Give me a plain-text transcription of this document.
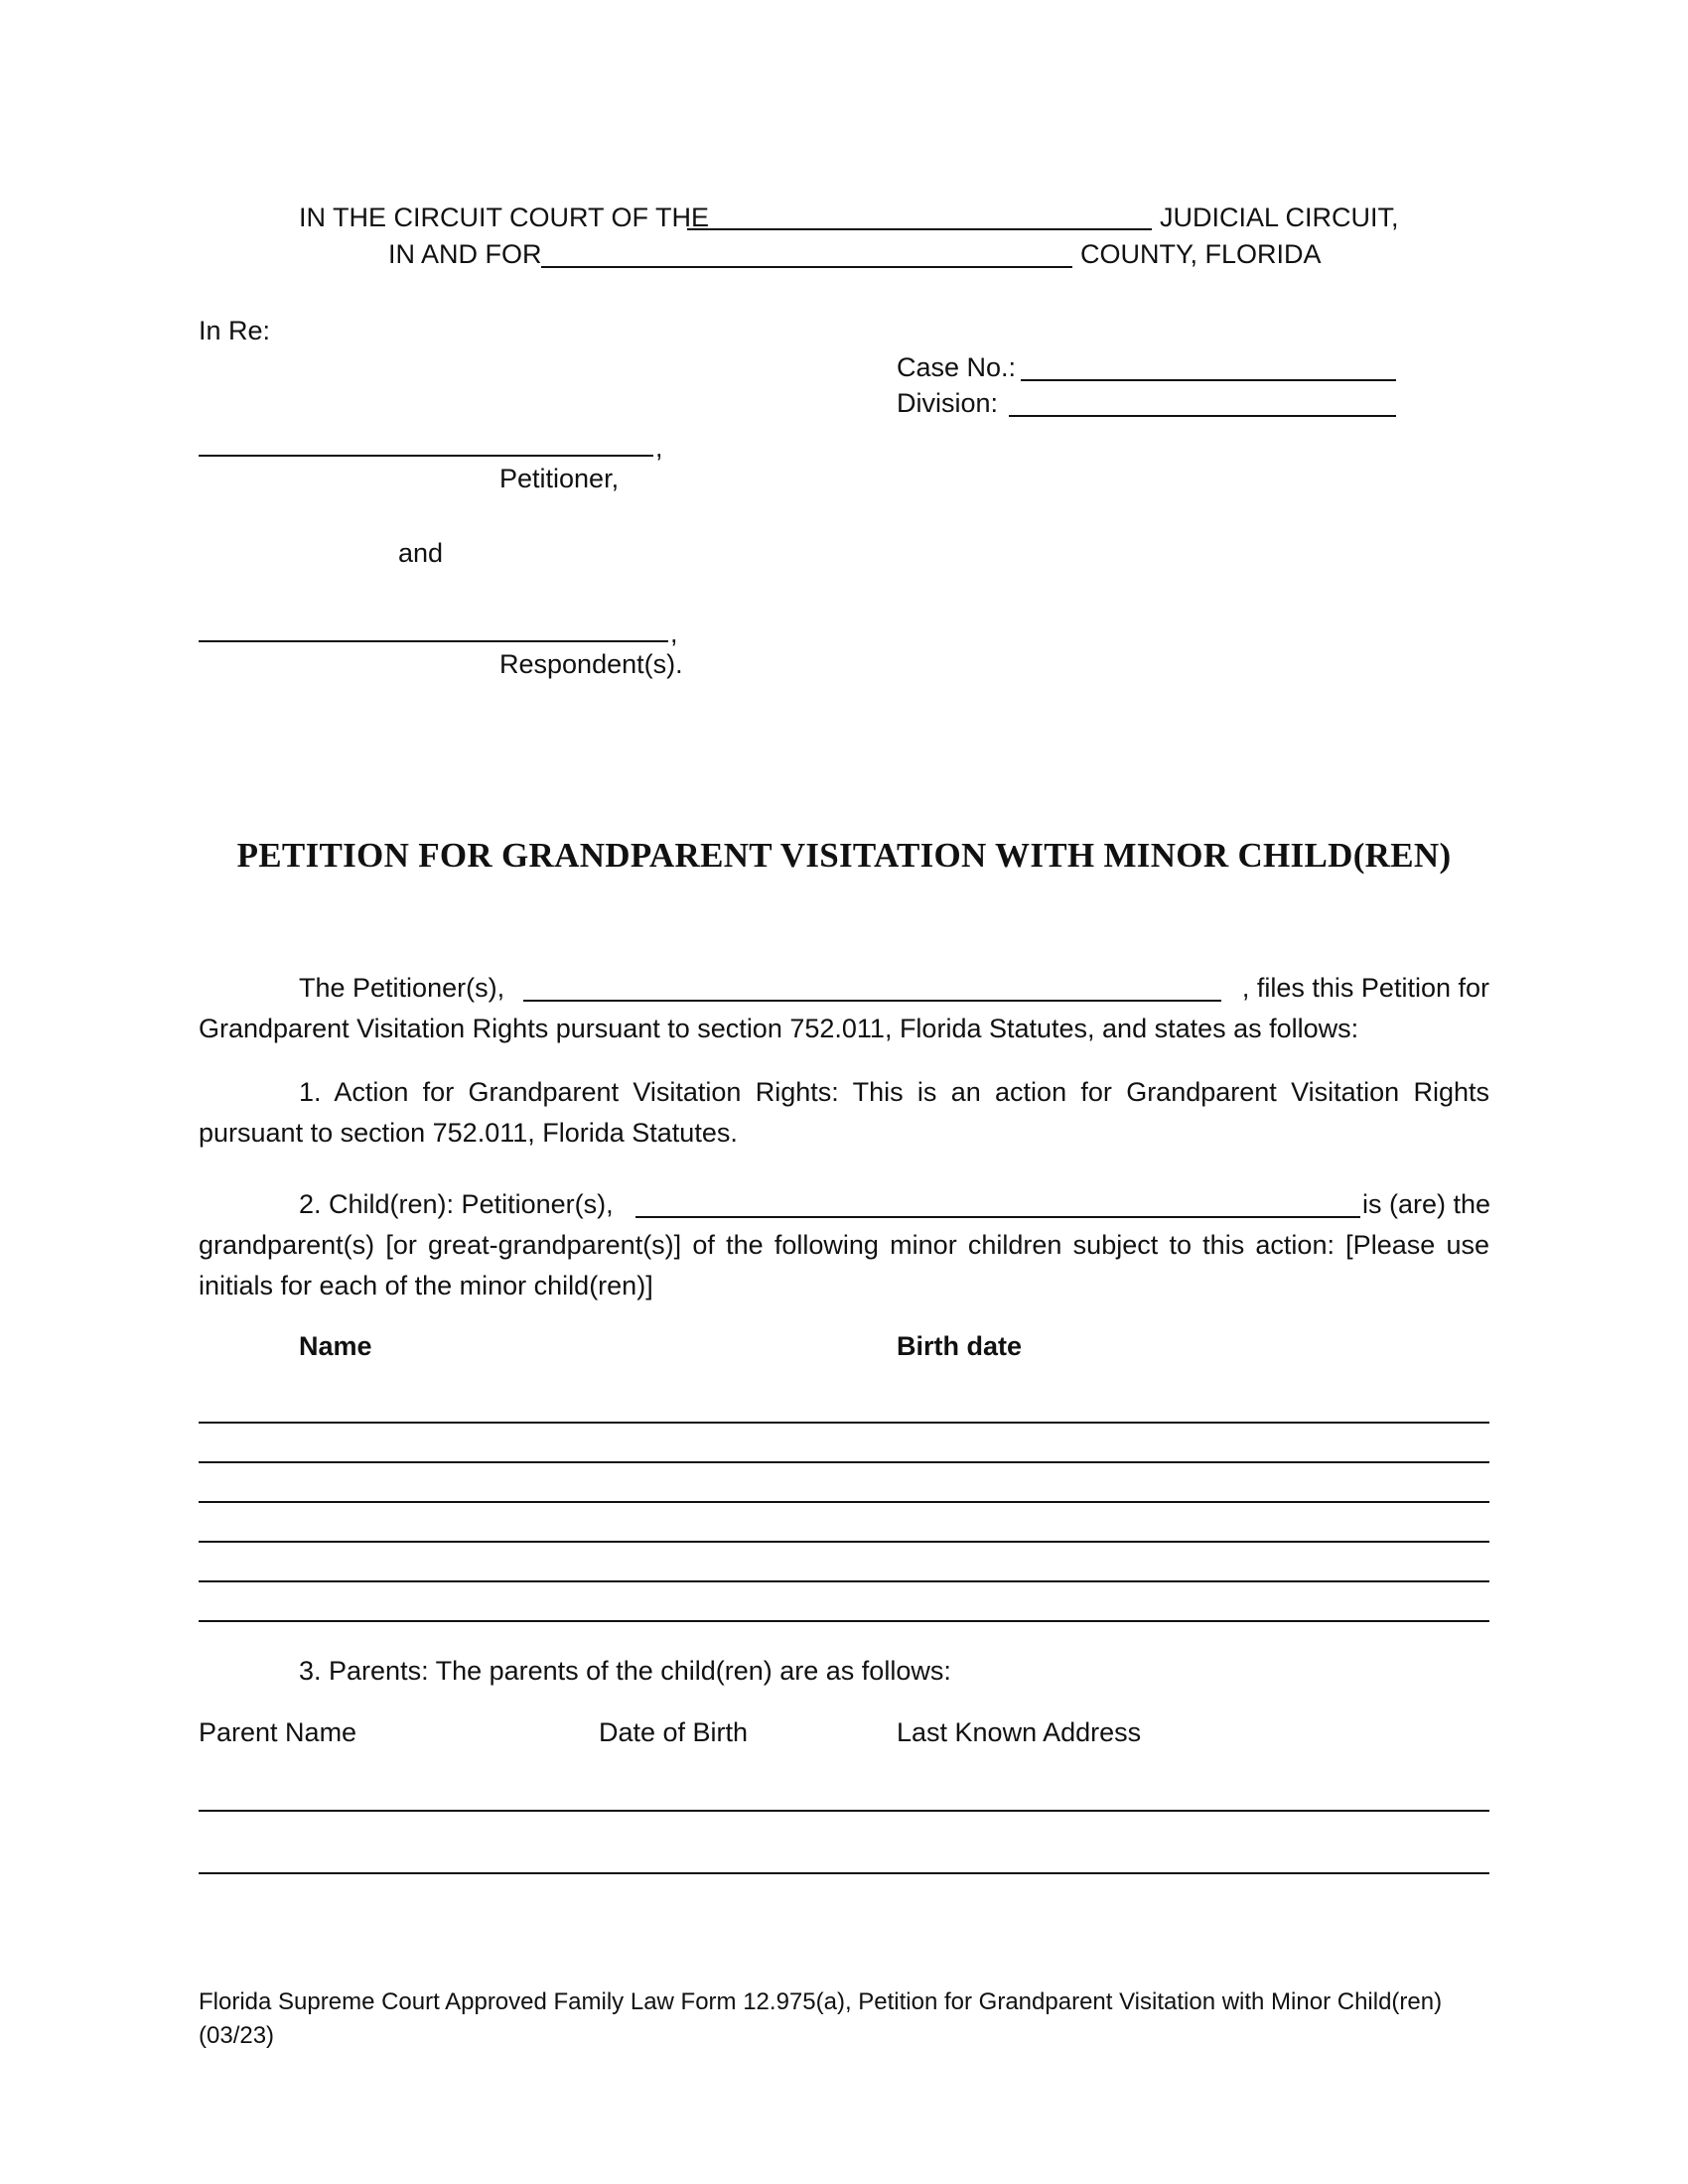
IN THE CIRCUIT COURT OF THE	JUDICIAL CIRCUIT,
IN AND FOR	COUNTY, FLORIDA
In Re:
Case No.:
Division:
,
Petitioner,
and
,
Respondent(s).
PETITION FOR GRANDPARENT VISITATION WITH MINOR CHILD(REN)
The Petitioner(s),	, files this Petition for
Grandparent Visitation Rights pursuant to section 752.011, Florida Statutes, and states as follows:
1. Action for Grandparent Visitation Rights: This is an action for Grandparent Visitation Rights pursuant to section 752.011, Florida Statutes.
2. Child(ren): Petitioner(s),	is (are) the
grandparent(s) [or great-grandparent(s)] of the following minor children subject to this action: [Please use initials for each of the minor child(ren)]
Name	Birth date
3. Parents: The parents of the child(ren) are as follows:
Parent Name	Date of Birth	Last Known Address
Florida Supreme Court Approved Family Law Form 12.975(a), Petition for Grandparent Visitation with Minor Child(ren) (03/23)
